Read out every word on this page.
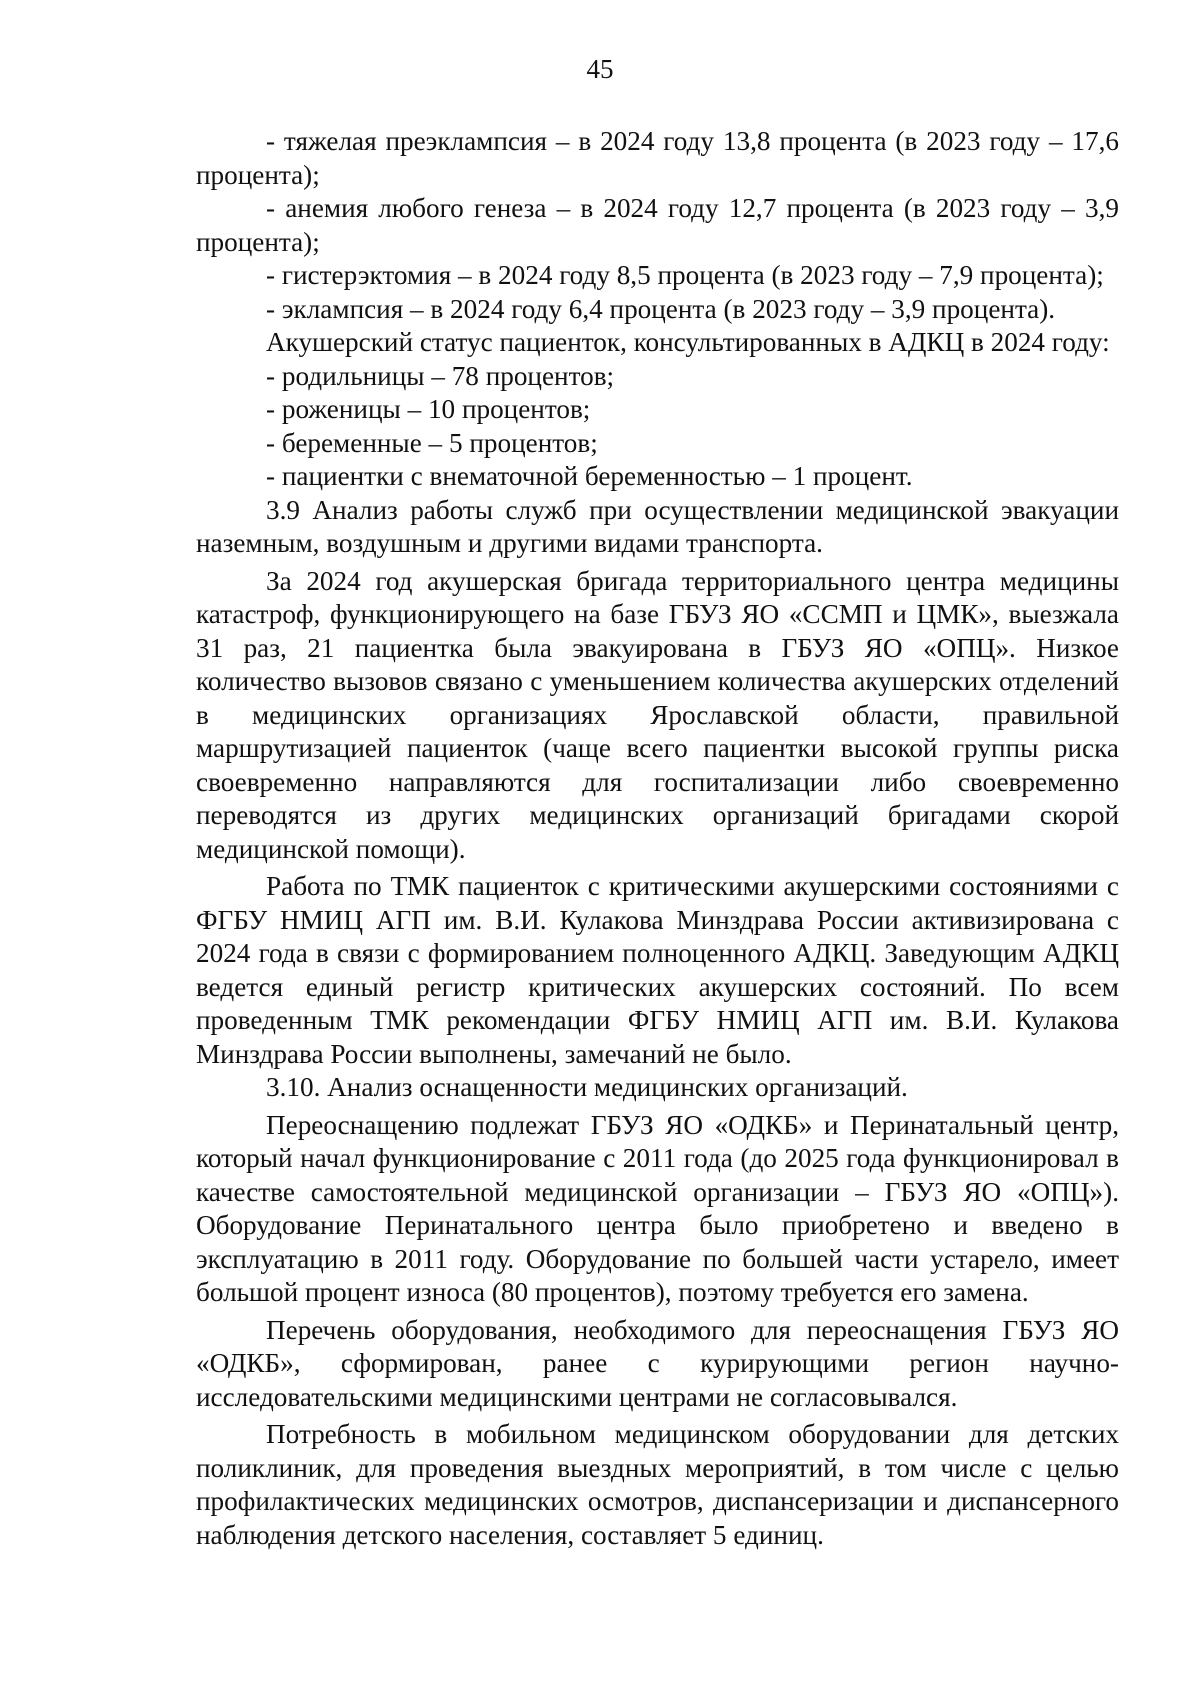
45

- тяжелая преэклампсия – в 2024 году 13,8 процента (в 2023 году – 17,6 процента);

- анемия любого генеза – в 2024 году 12,7 процента (в 2023 году – 3,9 процента);

- гистерэктомия – в 2024 году 8,5 процента (в 2023 году – 7,9 процента);

- эклампсия – в 2024 году 6,4 процента (в 2023 году – 3,9 процента).

Акушерский статус пациенток, консультированных в АДКЦ в 2024 году:

- родильницы – 78 процентов;

- роженицы – 10 процентов;

- беременные – 5 процентов;

- пациентки с внематочной беременностью – 1 процент.

3.9 Анализ работы служб при осуществлении медицинской эвакуации наземным, воздушным и другими видами транспорта.

За 2024 год акушерская бригада территориального центра медицины катастроф, функционирующего на базе ГБУЗ ЯО «ССМП и ЦМК», выезжала 31 раз, 21 пациентка была эвакуирована в ГБУЗ ЯО «ОПЦ». Низкое количество вызовов связано с уменьшением количества акушерских отделений в медицинских организациях Ярославской области, правильной маршрутизацией пациенток (чаще всего пациентки высокой группы риска своевременно направляются для госпитализации либо своевременно переводятся из других медицинских организаций бригадами скорой медицинской помощи).

Работа по ТМК пациенток с критическими акушерскими состояниями с ФГБУ НМИЦ АГП им. В.И. Кулакова Минздрава России активизирована с 2024 года в связи с формированием полноценного АДКЦ. Заведующим АДКЦ ведется единый регистр критических акушерских состояний. По всем проведенным ТМК рекомендации ФГБУ НМИЦ АГП им. В.И. Кулакова Минздрава России выполнены, замечаний не было.

3.10. Анализ оснащенности медицинских организаций.

Переоснащению подлежат ГБУЗ ЯО «ОДКБ» и Перинатальный центр, который начал функционирование с 2011 года (до 2025 года функционировал в качестве самостоятельной медицинской организации – ГБУЗ ЯО «ОПЦ»). Оборудование Перинатального центра было приобретено и введено в эксплуатацию в 2011 году. Оборудование по большей части устарело, имеет большой процент износа (80 процентов), поэтому требуется его замена.

Перечень оборудования, необходимого для переоснащения ГБУЗ ЯО «ОДКБ», сформирован, ранее с курирующими регион научно-исследовательскими медицинскими центрами не согласовывался.

Потребность в мобильном медицинском оборудовании для детских поликлиник, для проведения выездных мероприятий, в том числе с целью профилактических медицинских осмотров, диспансеризации и диспансерного наблюдения детского населения, составляет 5 единиц.
